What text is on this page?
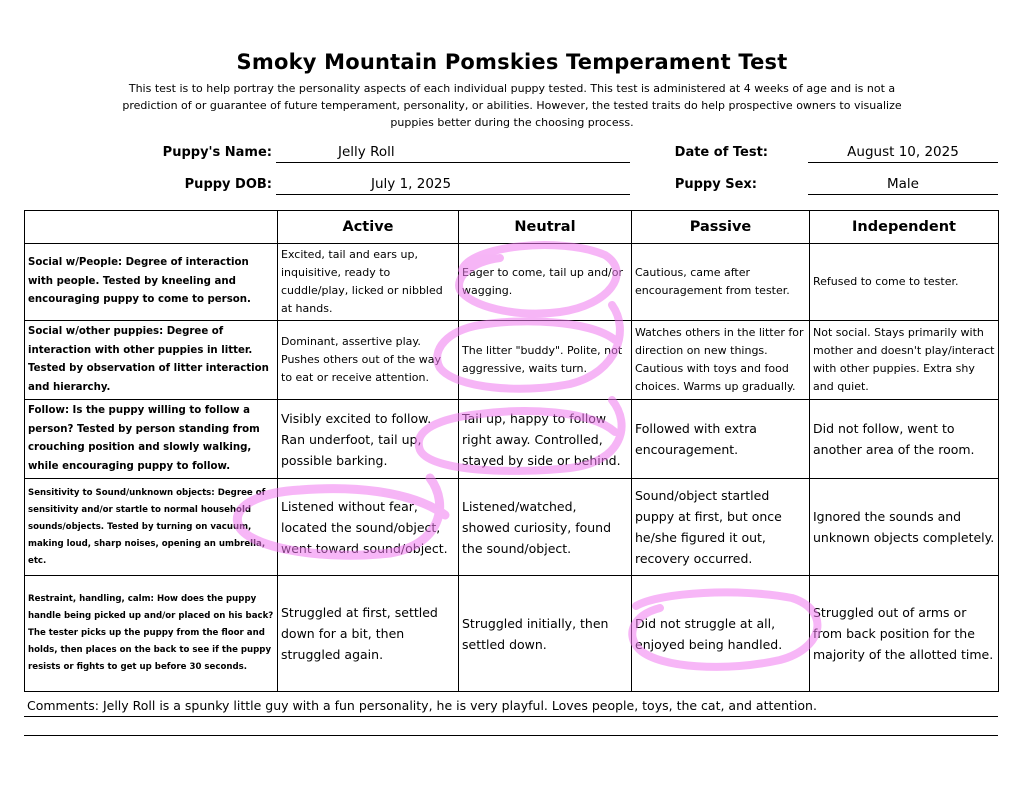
Smoky Mountain Pomskies Temperament Test
This test is to help portray the personality aspects of each individual puppy tested. This test is administered at 4 weeks of age and is not a prediction of or guarantee of future temperament, personality, or abilities. However, the tested traits do help prospective owners to visualize puppies better during the choosing process.
Puppy's Name:	Jelly Roll
Puppy DOB:	July 1, 2025
Date of Test:	August 10, 2025
Puppy Sex:	Male
	Active	Neutral	Passive	Independent
Social w/People: Degree of interaction with people. Tested by kneeling and encouraging puppy to come to person.	Excited, tail and ears up, inquisitive, ready to cuddle/play, licked or nibbled at hands.	Eager to come, tail up and/or wagging.	Cautious, came after encouragement from tester.	Refused to come to tester.
Social w/other puppies: Degree of interaction with other puppies in litter. Tested by observation of litter interaction and hierarchy.	Dominant, assertive play. Pushes others out of the way to eat or receive attention.	The litter "buddy". Polite, not aggressive, waits turn.	Watches others in the litter for direction on new things. Cautious with toys and food choices. Warms up gradually.	Not social. Stays primarily with mother and doesn't play/interact with other puppies. Extra shy and quiet.
Follow: Is the puppy willing to follow a person? Tested by person standing from crouching position and slowly walking, while encouraging puppy to follow.	Visibly excited to follow. Ran underfoot, tail up, possible barking.	Tail up, happy to follow right away. Controlled, stayed by side or behind.	Followed with extra encouragement.	Did not follow, went to another area of the room.
Sensitivity to Sound/unknown objects: Degree of sensitivity and/or startle to normal household sounds/objects. Tested by turning on vacuum, making loud, sharp noises, opening an umbrella, etc.	Listened without fear, located the sound/object, went toward sound/object.	Listened/watched, showed curiosity, found the sound/object.	Sound/object startled puppy at first, but once he/she figured it out, recovery occurred.	Ignored the sounds and unknown objects completely.
Restraint, handling, calm: How does the puppy handle being picked up and/or placed on his back? The tester picks up the puppy from the floor and holds, then places on the back to see if the puppy resists or fights to get up before 30 seconds.	Struggled at first, settled down for a bit, then struggled again.	Struggled initially, then settled down.	Did not struggle at all, enjoyed being handled.	Struggled out of arms or from back position for the majority of the allotted time.
Comments: Jelly Roll is a spunky little guy with a fun personality, he is very playful. Loves people, toys, the cat, and attention.
